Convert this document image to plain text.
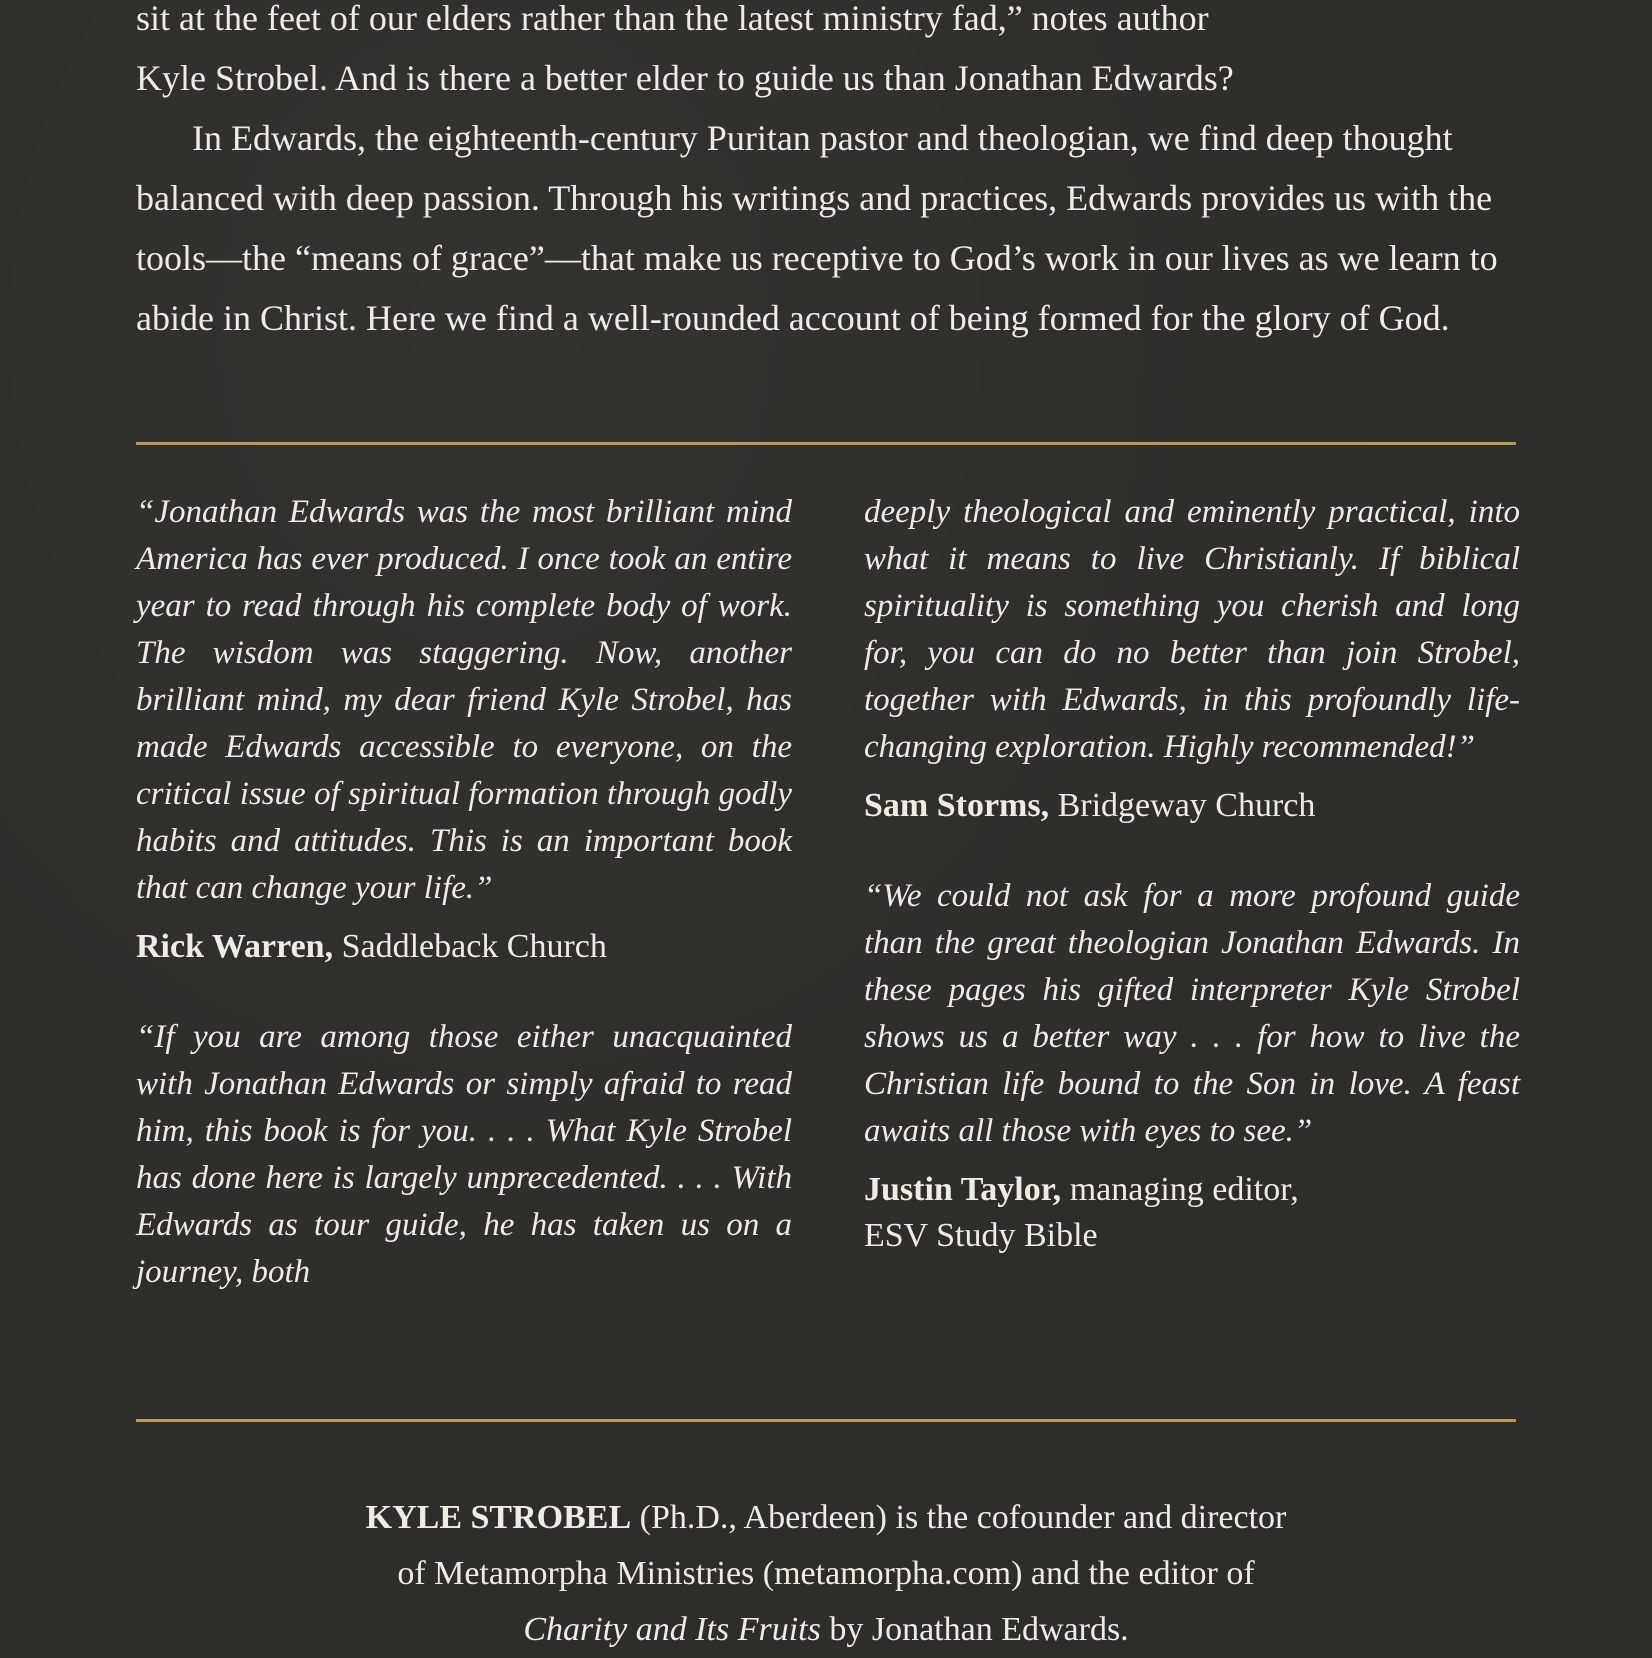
sit at the feet of our elders rather than the latest ministry fad,” notes author

Kyle Strobel. And is there a better elder to guide us than Jonathan Edwards?

In Edwards, the eighteenth-century Puritan pastor and theologian, we find deep thought balanced with deep passion. Through his writings and practices, Edwards provides us with the tools—the “means of grace”—that make us receptive to God’s work in our lives as we learn to abide in Christ. Here we find a well-rounded account of being formed for the glory of God.

“Jonathan Edwards was the most brilliant mind America has ever produced. I once took an entire year to read through his complete body of work. The wisdom was staggering. Now, another brilliant mind, my dear friend Kyle Strobel, has made Edwards accessible to everyone, on the critical issue of spiritual formation through godly habits and attitudes. This is an important book that can change your life.”

Rick Warren, Saddleback Church

“If you are among those either unacquainted with Jonathan Edwards or simply afraid to read him, this book is for you. . . . What Kyle Strobel has done here is largely unprecedented. . . . With Edwards as tour guide, he has taken us on a journey, both

deeply theological and eminently practical, into what it means to live Christianly. If biblical spirituality is something you cherish and long for, you can do no better than join Strobel, together with Edwards, in this profoundly life-changing exploration. Highly recommended!”

Sam Storms, Bridgeway Church

“We could not ask for a more profound guide than the great theologian Jonathan Edwards. In these pages his gifted interpreter Kyle Strobel shows us a better way . . . for how to live the Christian life bound to the Son in love. A feast awaits all those with eyes to see.”

Justin Taylor, managing editor,
ESV Study Bible

KYLE STROBEL (Ph.D., Aberdeen) is the cofounder and director

of Metamorpha Ministries (metamorpha.com) and the editor of

Charity and Its Fruits by Jonathan Edwards.
